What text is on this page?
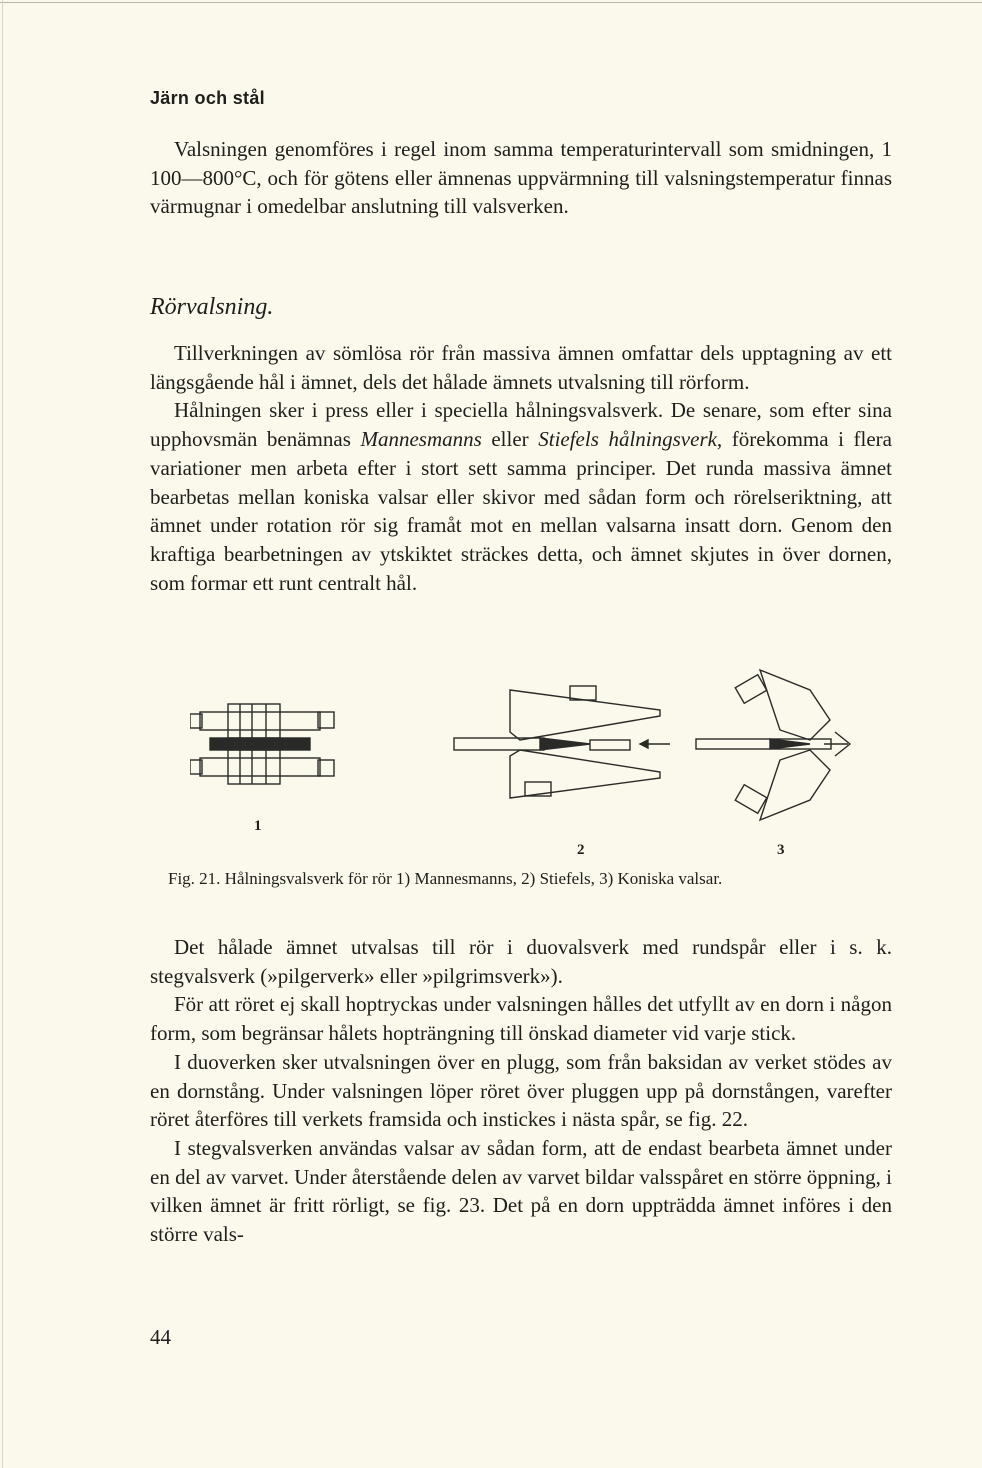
Järn och stål

Valsningen genomföres i regel inom samma temperaturintervall som smidningen, 1 100—800°C, och för götens eller ämnenas uppvärmning till valsningstemperatur finnas värmugnar i omedelbar anslutning till valsverken.

Rörvalsning.

Tillverkningen av sömlösa rör från massiva ämnen omfattar dels upptagning av ett längsgående hål i ämnet, dels det hålade ämnets utvalsning till rörform.

Hålningen sker i press eller i speciella hålningsvalsverk. De senare, som efter sina upphovsmän benämnas Mannesmanns eller Stiefels hålningsverk, förekomma i flera variationer men arbeta efter i stort sett samma principer. Det runda massiva ämnet bearbetas mellan koniska valsar eller skivor med sådan form och rörelseriktning, att ämnet under rotation rör sig framåt mot en mellan valsarna insatt dorn. Genom den kraftiga bearbetningen av ytskiktet sträckes detta, och ämnet skjutes in över dornen, som formar ett runt centralt hål.

1
2	3
Fig. 21. Hålningsvalsverk för rör 1) Mannesmanns, 2) Stiefels, 3) Koniska valsar.

Det hålade ämnet utvalsas till rör i duovalsverk med rundspår eller i s. k. stegvalsverk (»pilgerverk» eller »pilgrimsverk»).

För att röret ej skall hoptryckas under valsningen hålles det utfyllt av en dorn i någon form, som begränsar hålets hopträngning till önskad diameter vid varje stick.

I duoverken sker utvalsningen över en plugg, som från baksidan av verket stödes av en dornstång. Under valsningen löper röret över pluggen upp på dornstången, varefter röret återföres till verkets framsida och instickes i nästa spår, se fig. 22.

I stegvalsverken användas valsar av sådan form, att de endast bearbeta ämnet under en del av varvet. Under återstående delen av varvet bildar valsspåret en större öppning, i vilken ämnet är fritt rörligt, se fig. 23. Det på en dorn uppträdda ämnet införes i den större vals-

44
